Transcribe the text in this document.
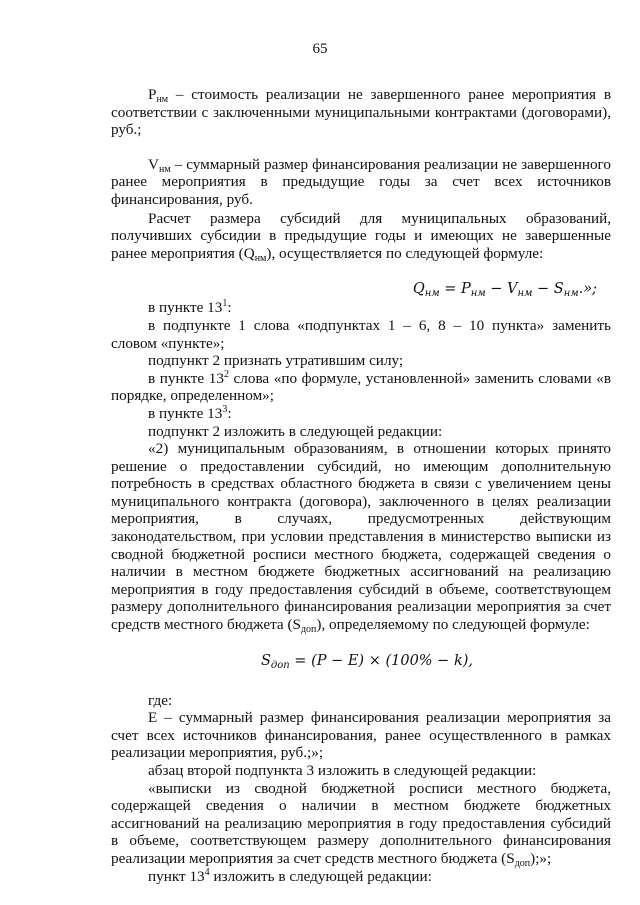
65

$P_{нм}$ – стоимость реализации не завершенного ранее мероприятия в соответствии с заключенными муниципальными контрактами (договорами), руб.;

$V_{нм}$ – суммарный размер финансирования реализации не завершенного ранее мероприятия в предыдущие годы за счет всех источников финансирования, руб.

Расчет размера субсидий для муниципальных образований, получивших субсидии в предыдущие годы и имеющих не завершенные ранее мероприятия $(Q_{нм})$, осуществляется по следующей формуле:

$Q_{нм} = P_{нм} - V_{нм} - S_{нм}$.»;

в пункте $13^1$:

в подпункте 1 слова «подпунктах 1 – 6, 8 – 10 пункта» заменить словом «пункте»;

подпункт 2 признать утратившим силу;

в пункте $13^2$ слова «по формуле, установленной» заменить словами «в порядке, определенном»;

в пункте $13^3$:

подпункт 2 изложить в следующей редакции:

«2) муниципальным образованиям, в отношении которых принято решение о предоставлении субсидий, но имеющим дополнительную потребность в средствах областного бюджета в связи с увеличением цены муниципального контракта (договора), заключенного в целях реализации мероприятия, в случаях, предусмотренных действующим законодательством, при условии представления в министерство выписки из сводной бюджетной росписи местного бюджета, содержащей сведения о наличии в местном бюджете бюджетных ассигнований на реализацию мероприятия в году предоставления субсидий в объеме, соответствующем размеру дополнительного финансирования реализации мероприятия за счет средств местного бюджета $(S_{доп})$, определяемому по следующей формуле:

$S_{доп} = (P - E) \times (100\% - k)$,

где:

E – суммарный размер финансирования реализации мероприятия за счет всех источников финансирования, ранее осуществленного в рамках реализации мероприятия, руб.;»;

абзац второй подпункта 3 изложить в следующей редакции:

«выписки из сводной бюджетной росписи местного бюджета, содержащей сведения о наличии в местном бюджете бюджетных ассигнований на реализацию мероприятия в году предоставления субсидий в объеме, соответствующем размеру дополнительного финансирования реализации мероприятия за счет средств местного бюджета $(S_{доп})$;»;

пункт $13^4$ изложить в следующей редакции:
